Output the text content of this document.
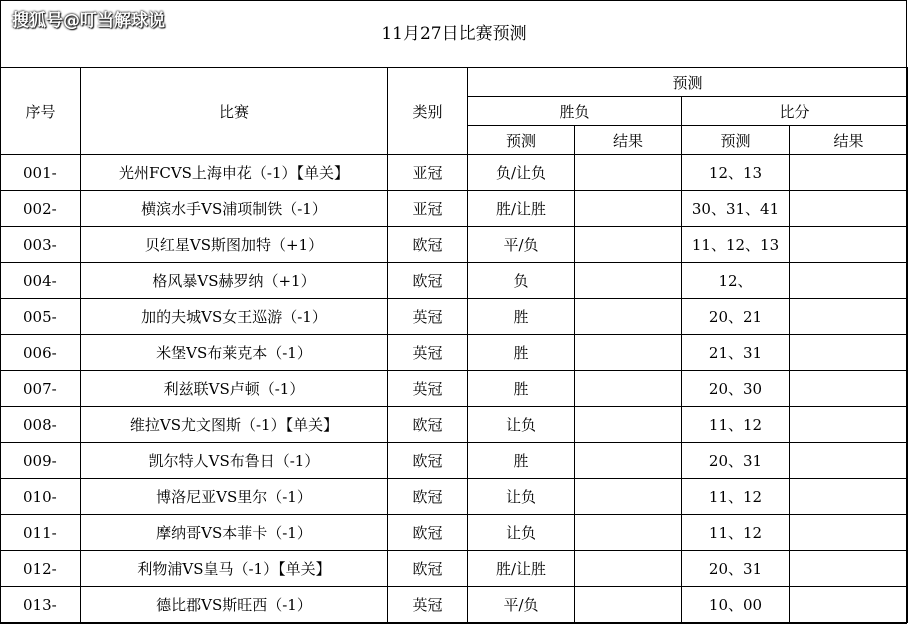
搜狐号@叮当解球说
11月27日比赛预测
序号	比赛	类别	预测			
			胜负		比分	
			预测	结果	预测	结果
001-	光州FCVS上海申花（-1）【单关】	亚冠	负/让负		12、13	
002-	横滨水手VS浦项制铁（-1）	亚冠	胜/让胜		30、31、41	
003-	贝红星VS斯图加特（+1）	欧冠	平/负		11、12、13	
004-	格风暴VS赫罗纳（+1）	欧冠	负		12、	
005-	加的夫城VS女王巡游（-1）	英冠	胜		20、21	
006-	米堡VS布莱克本（-1）	英冠	胜		21、31	
007-	利兹联VS卢顿（-1）	英冠	胜		20、30	
008-	维拉VS尤文图斯（-1）【单关】	欧冠	让负		11、12	
009-	凯尔特人VS布鲁日（-1）	欧冠	胜		20、31	
010-	博洛尼亚VS里尔（-1）	欧冠	让负		11、12	
011-	摩纳哥VS本菲卡（-1）	欧冠	让负		11、12	
012-	利物浦VS皇马（-1）【单关】	欧冠	胜/让胜		20、31	
013-	德比郡VS斯旺西（-1）	英冠	平/负		10、00	
